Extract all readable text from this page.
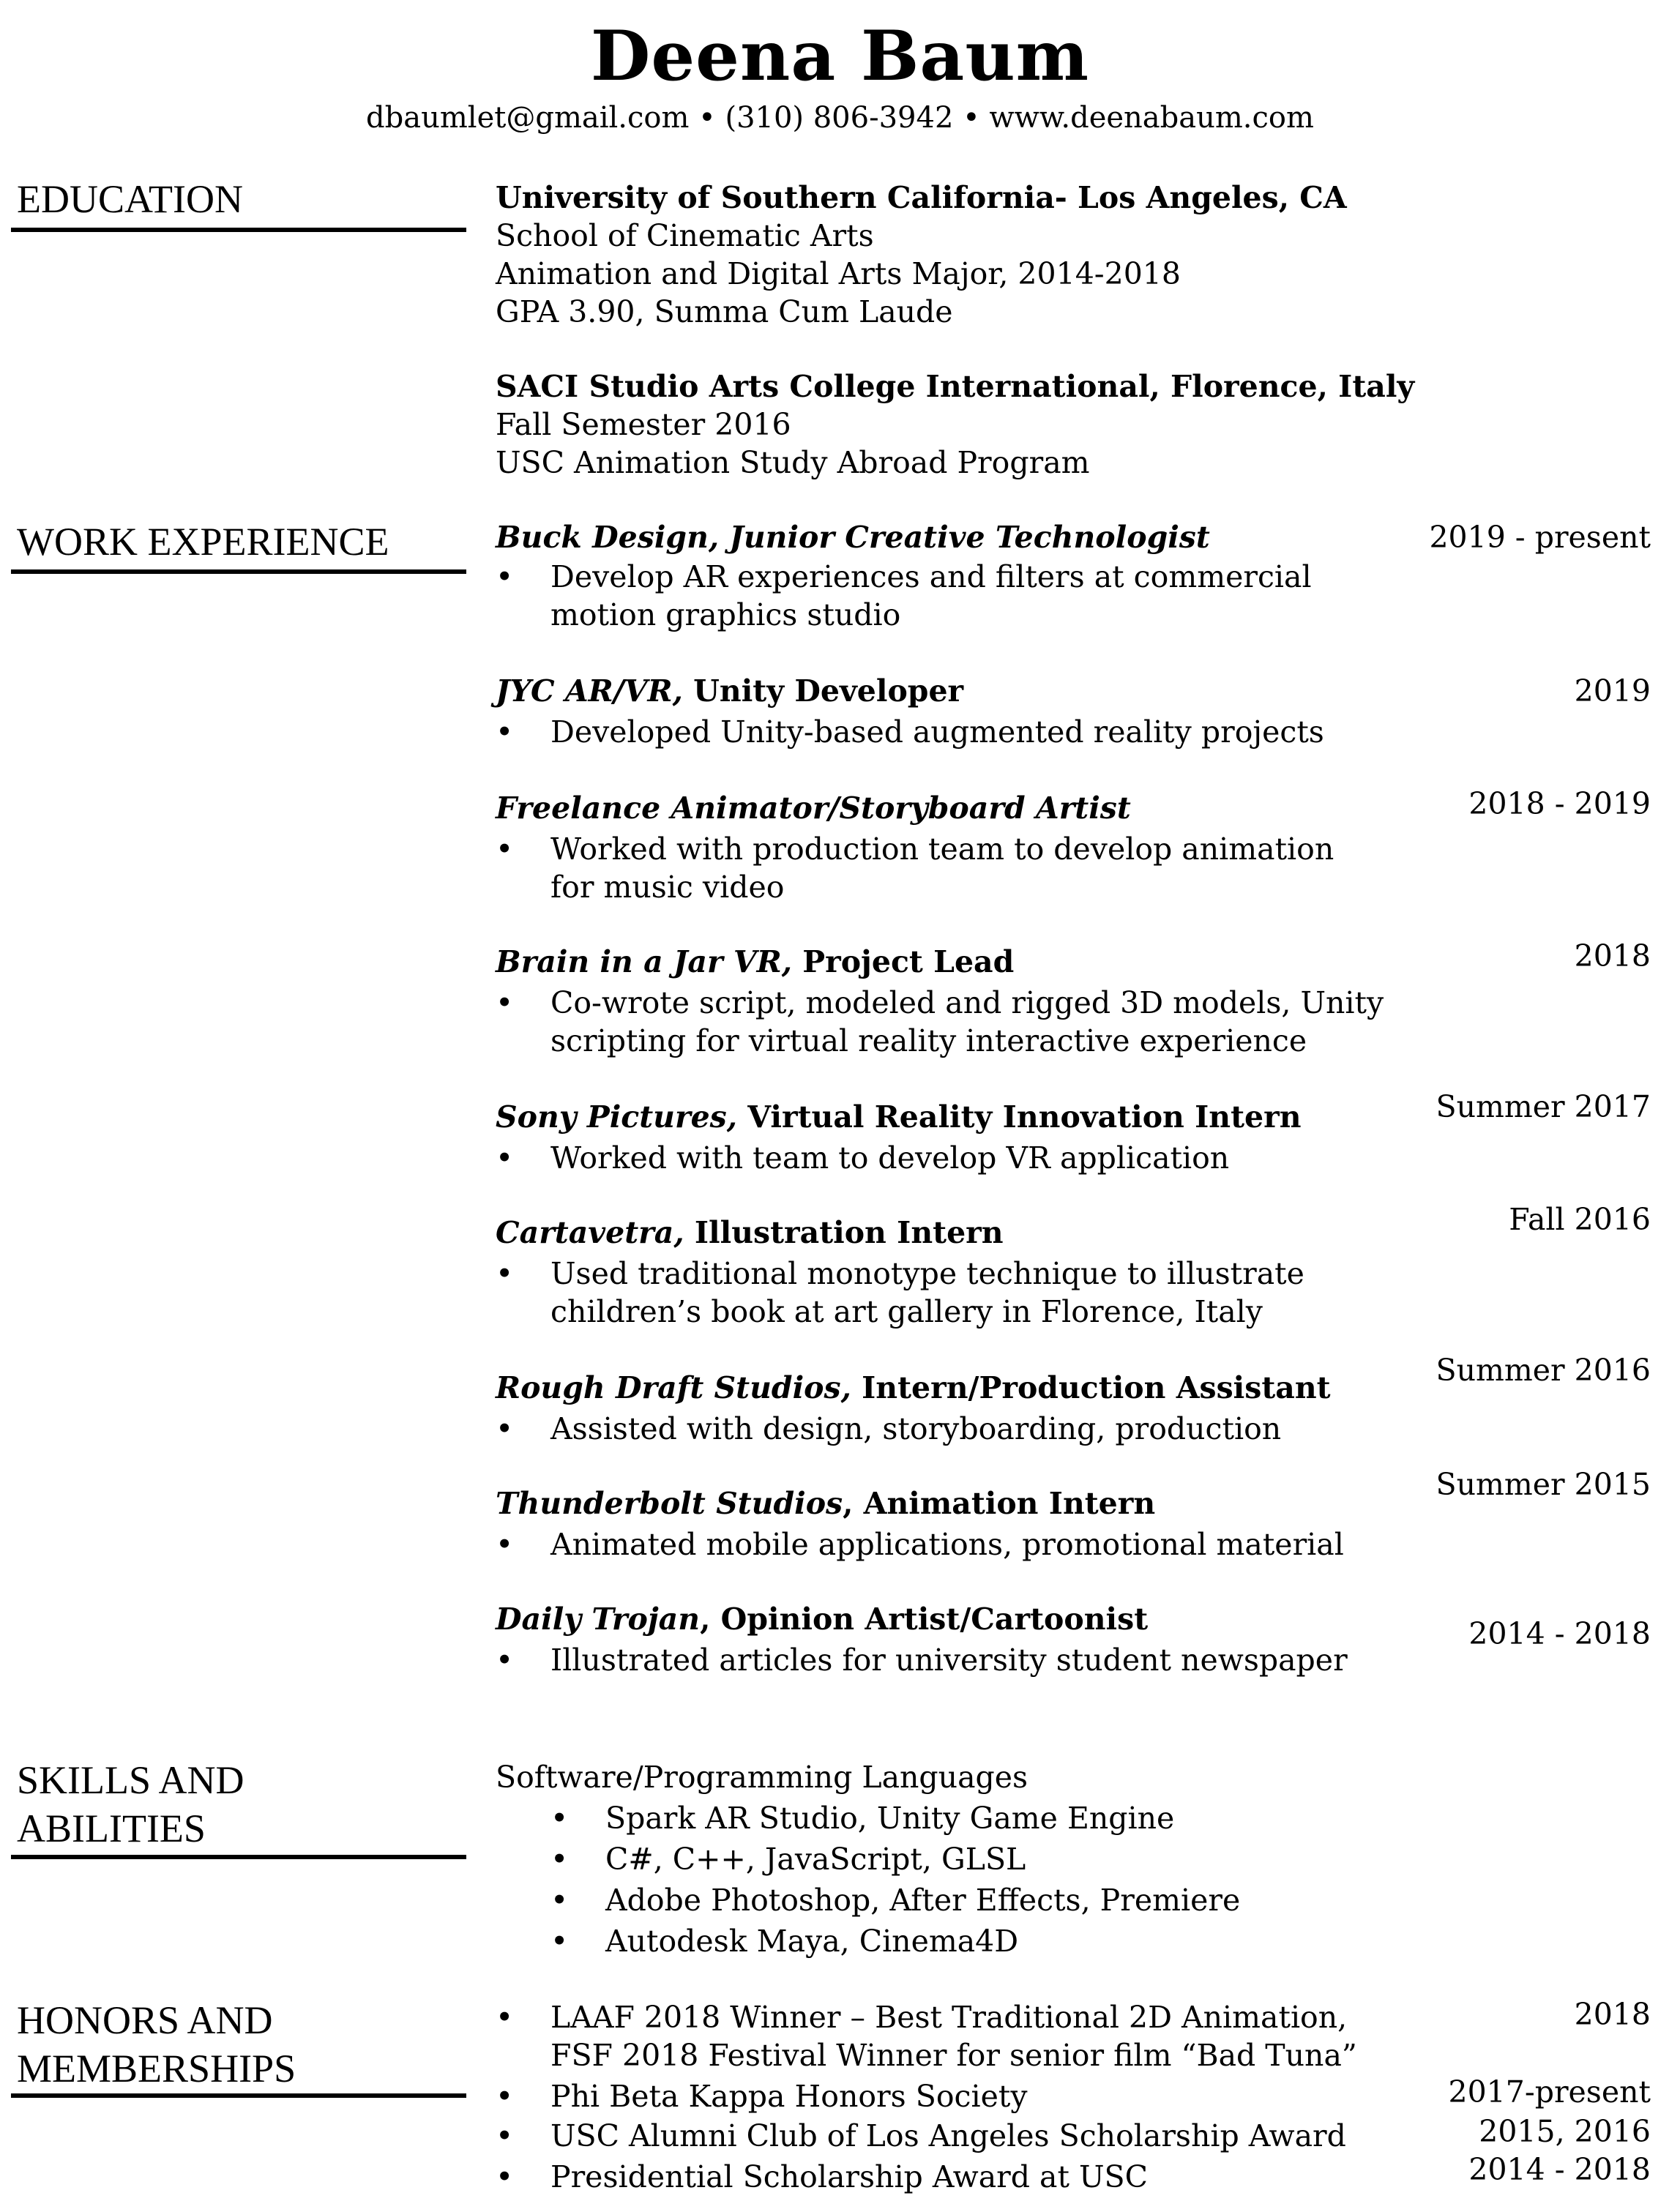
Deena Baum
dbaumlet@gmail.com • (310) 806-3942 • www.deenabaum.com
EDUCATION	University of Southern California- Los Angeles, CA
School of Cinematic Arts
Animation and Digital Arts Major, 2014-2018
GPA 3.90, Summa Cum Laude
SACI Studio Arts College International, Florence, Italy
Fall Semester 2016
USC Animation Study Abroad Program
WORK EXPERIENCE	Buck Design, Junior Creative Technologist	2019 - present
• Develop AR experiences and filters at commercial
motion graphics studio
JYC AR/VR, Unity Developer	2019
• Developed Unity-based augmented reality projects
Freelance Animator/Storyboard Artist	2018 - 2019
• Worked with production team to develop animation
for music video
Brain in a Jar VR, Project Lead	2018
• Co-wrote script, modeled and rigged 3D models, Unity
scripting for virtual reality interactive experience
Sony Pictures, Virtual Reality Innovation Intern	Summer 2017
• Worked with team to develop VR application
Cartavetra, Illustration Intern	Fall 2016
• Used traditional monotype technique to illustrate
children’s book at art gallery in Florence, Italy
Rough Draft Studios, Intern/Production Assistant	Summer 2016
• Assisted with design, storyboarding, production
Thunderbolt Studios, Animation Intern
Summer 2015
• Animated mobile applications, promotional material
Daily Trojan, Opinion Artist/Cartoonist	2014 - 2018
• Illustrated articles for university student newspaper
SKILLS AND
ABILITIES
Software/Programming Languages
• Spark AR Studio, Unity Game Engine
• C#, C++, JavaScript, GLSL
• Adobe Photoshop, After Effects, Premiere
• Autodesk Maya, Cinema4D
HONORS AND
MEMBERSHIPS
• LAAF 2018 Winner – Best Traditional 2D Animation,
FSF 2018 Festival Winner for senior film “Bad Tuna”
2018
• Phi Beta Kappa Honors Society	2017-present
• USC Alumni Club of Los Angeles Scholarship Award	2015, 2016
• Presidential Scholarship Award at USC	2014 - 2018
